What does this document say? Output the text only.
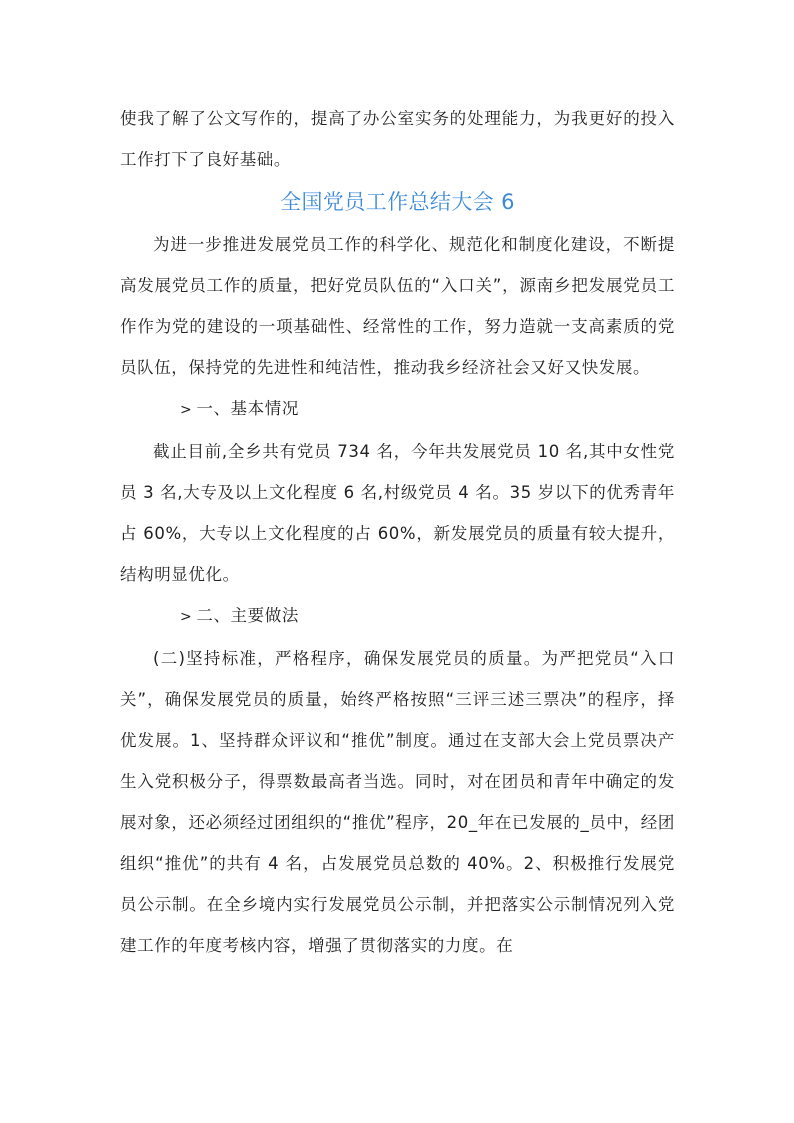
使我了解了公文写作的，提高了办公室实务的处理能力，为我更好的投入工作打下了良好基础。

全国党员工作总结大会 6

为进一步推进发展党员工作的科学化、规范化和制度化建设，不断提高发展党员工作的质量，把好党员队伍的“入口关”，源南乡把发展党员工作作为党的建设的一项基础性、经常性的工作，努力造就一支高素质的党员队伍，保持党的先进性和纯洁性，推动我乡经济社会又好又快发展。

> 一、基本情况

截止目前,全乡共有党员 734 名，今年共发展党员 10 名,其中女性党员 3 名,大专及以上文化程度 6 名,村级党员 4 名。35 岁以下的优秀青年占 60%，大专以上文化程度的占 60%，新发展党员的质量有较大提升，结构明显优化。

> 二、主要做法

(二)坚持标准，严格程序，确保发展党员的质量。为严把党员“入口关”，确保发展党员的质量，始终严格按照“三评三述三票决”的程序，择优发展。1、坚持群众评议和“推优”制度。通过在支部大会上党员票决产生入党积极分子，得票数最高者当选。同时，对在团员和青年中确定的发展对象，还必须经过团组织的“推优”程序，20_年在已发展的_员中，经团组织“推优”的共有 4 名，占发展党员总数的 40%。2、积极推行发展党员公示制。在全乡境内实行发展党员公示制，并把落实公示制情况列入党建工作的年度考核内容，增强了贯彻落实的力度。在
